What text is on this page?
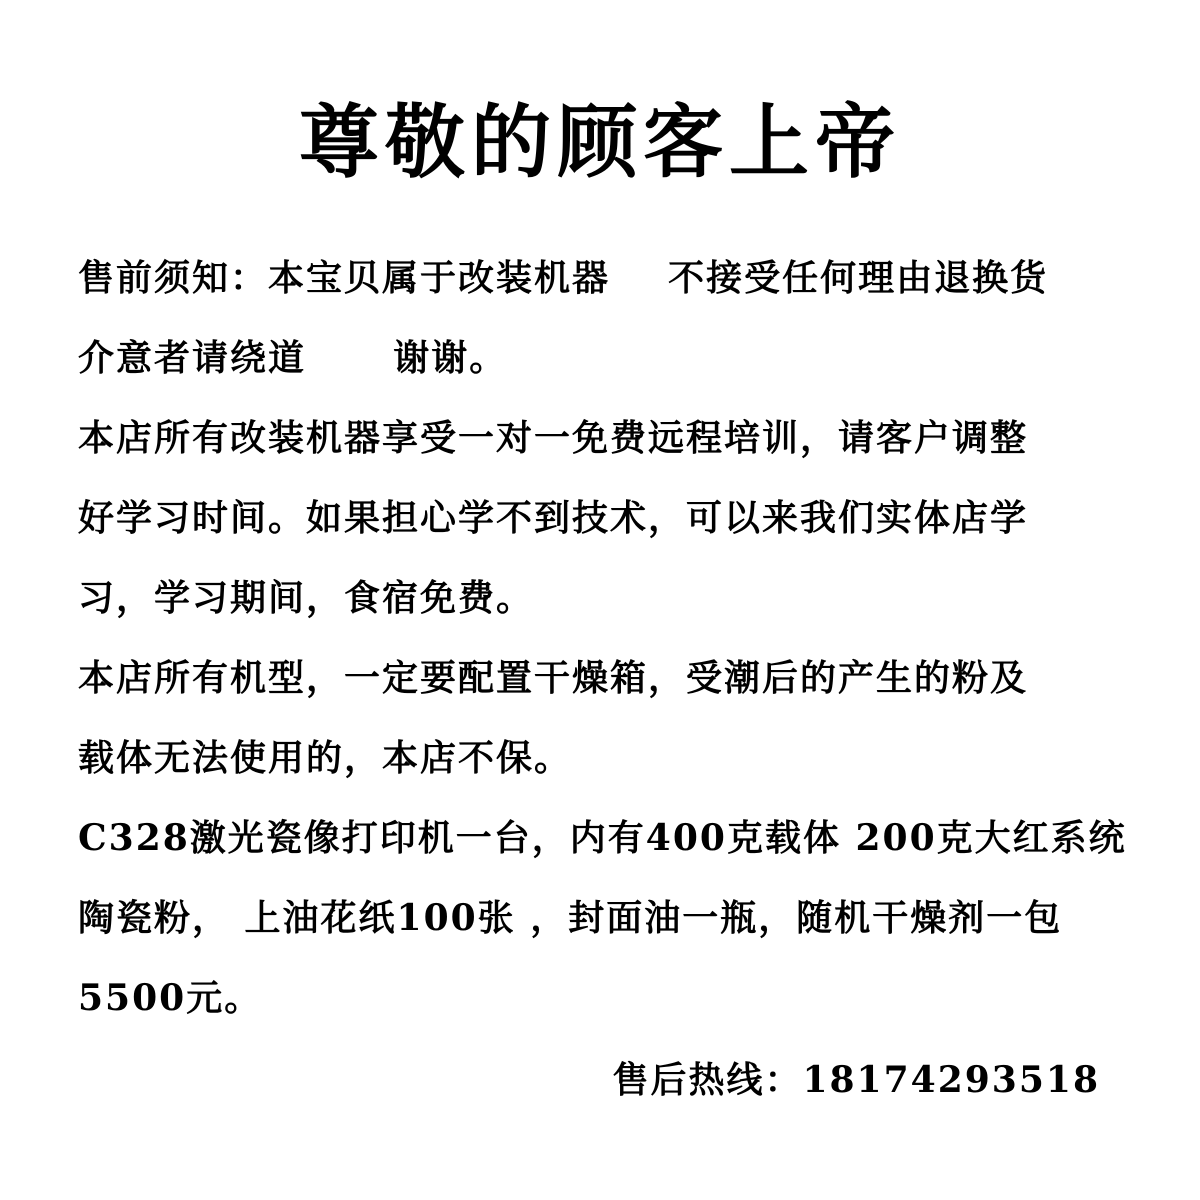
尊敬的顾客上帝
售前须知：本宝贝属于改装机器    不接受任何理由退换货
介意者请绕道      谢谢。
本店所有改装机器享受一对一免费远程培训，请客户调整
好学习时间。如果担心学不到技术，可以来我们实体店学
习，学习期间，食宿免费。
本店所有机型，一定要配置干燥箱，受潮后的产生的粉及
载体无法使用的，本店不保。
C328激光瓷像打印机一台，内有400克载体 200克大红系统
陶瓷粉， 上油花纸100张 ，封面油一瓶，随机干燥剂一包
5500元。
售后热线：18174293518
